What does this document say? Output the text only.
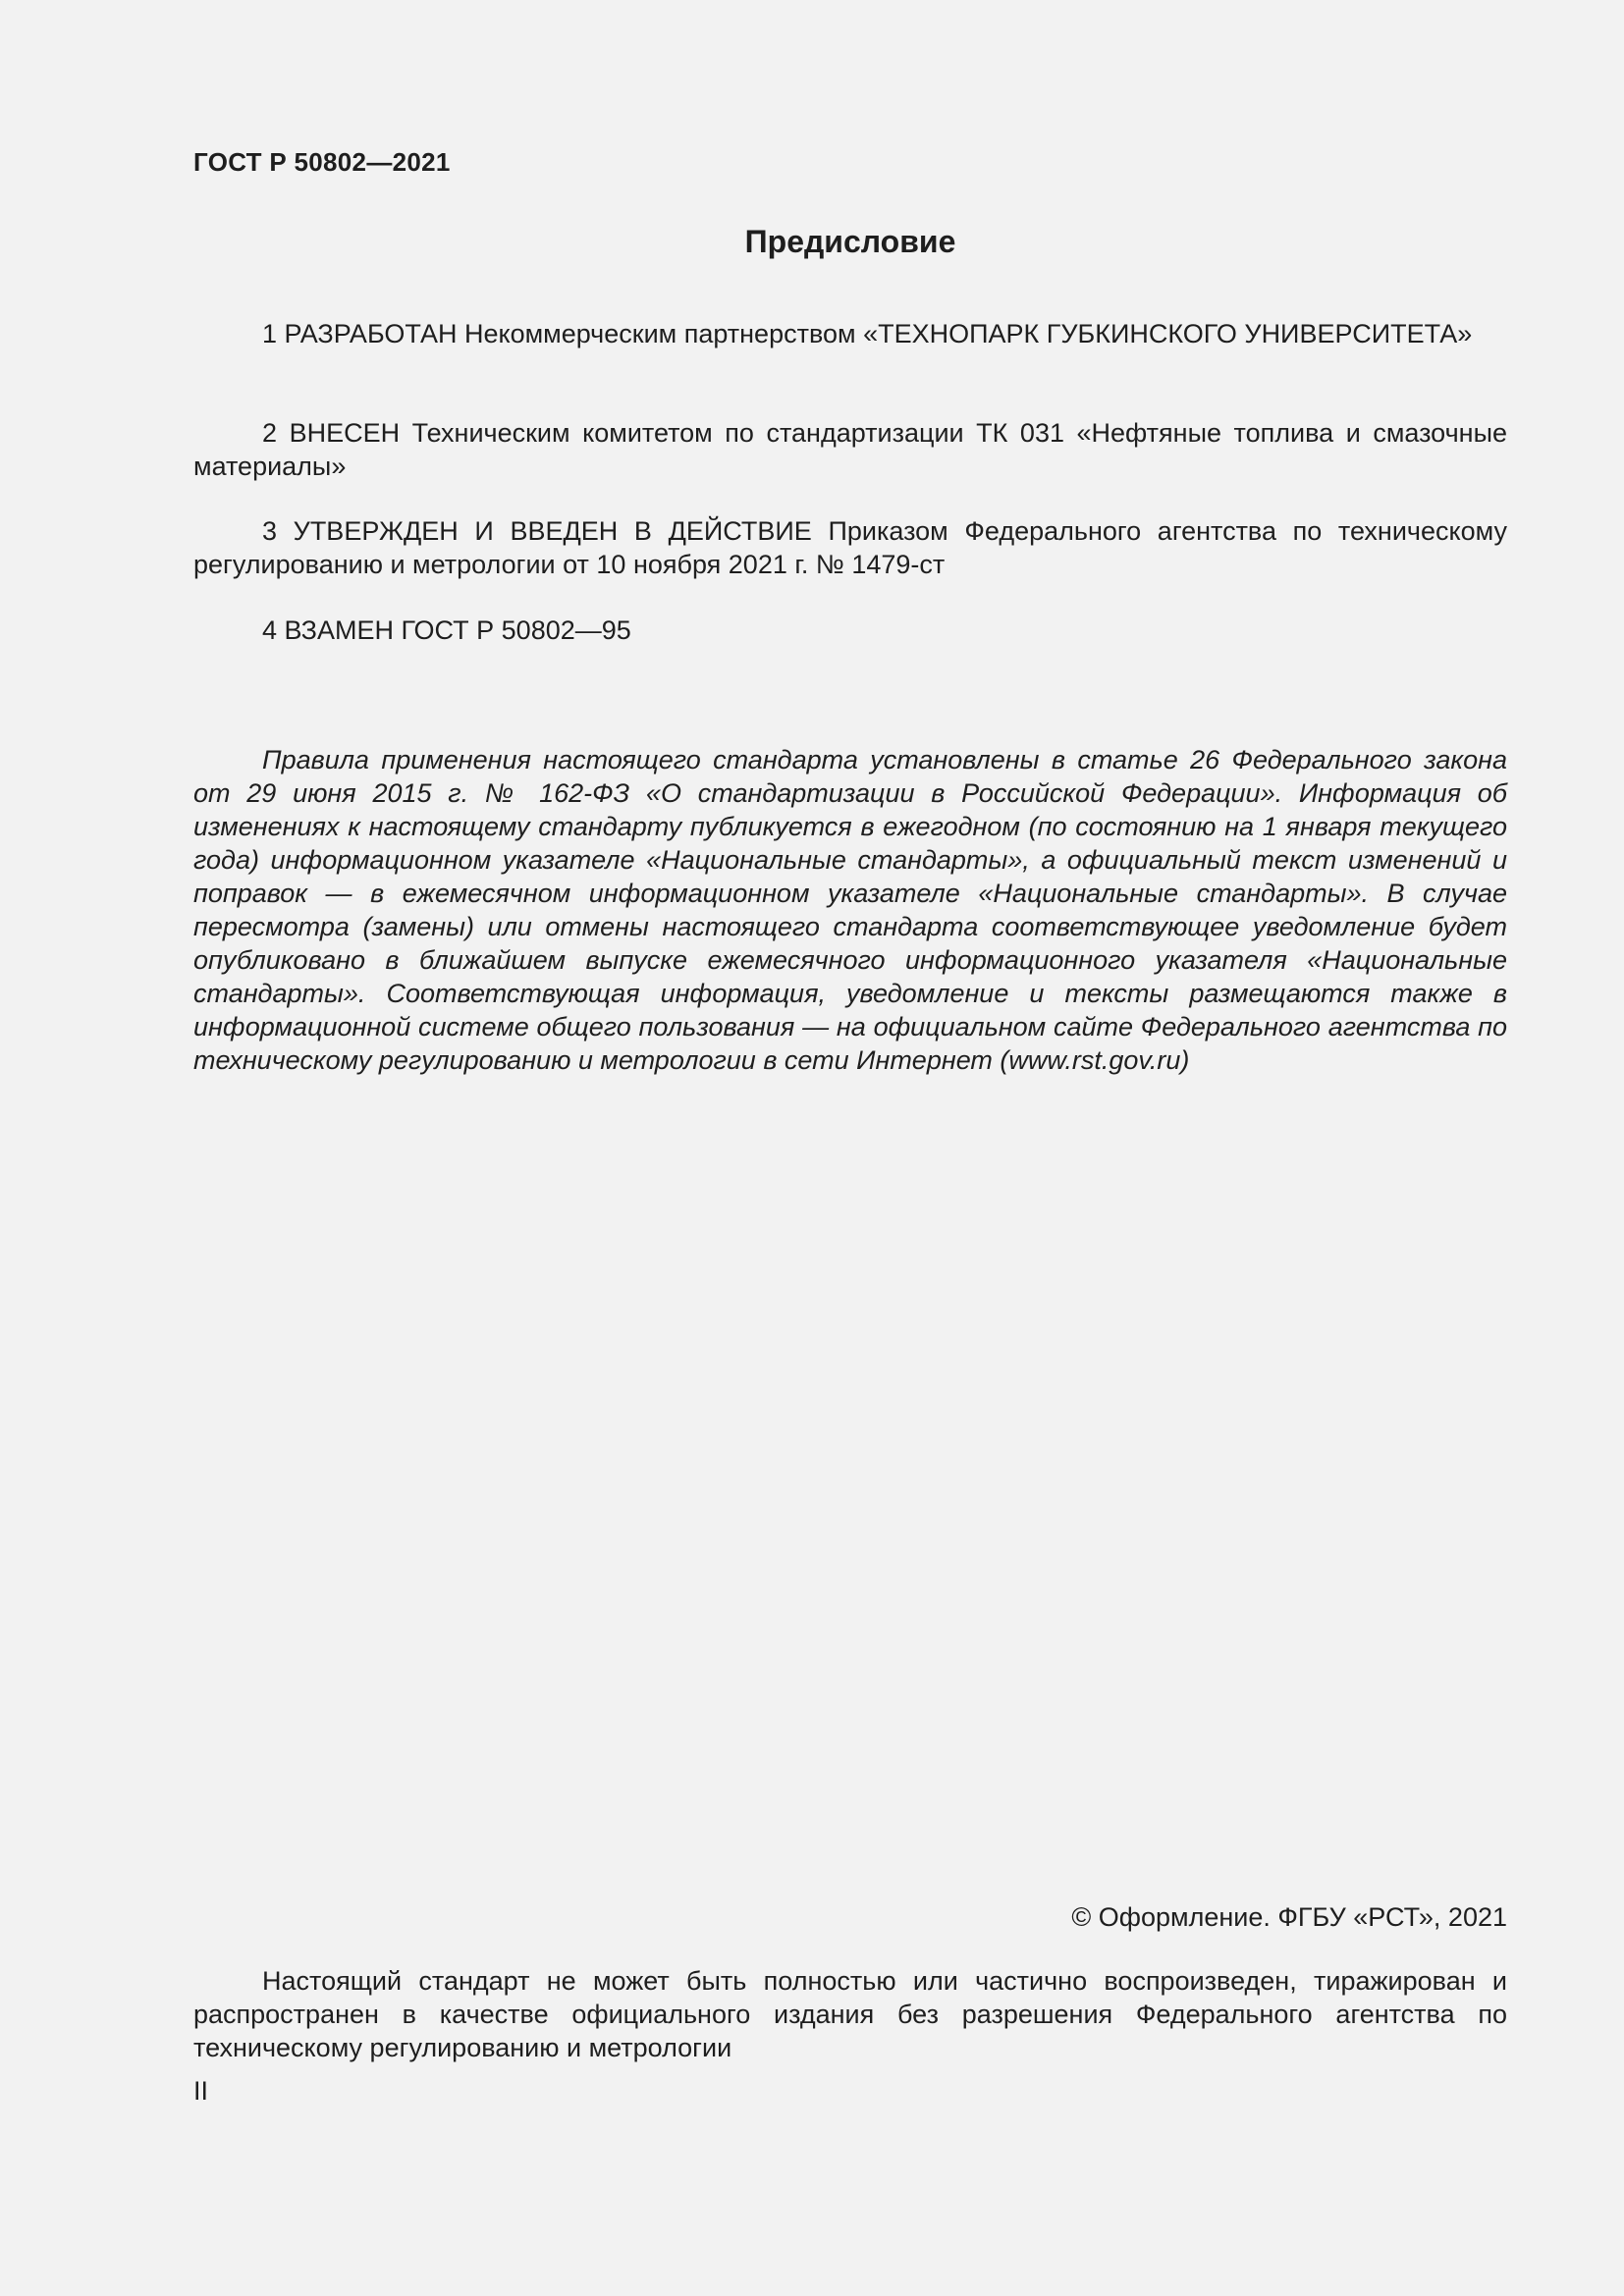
ГОСТ Р 50802—2021
Предисловие

1 РАЗРАБОТАН Некоммерческим партнерством «ТЕХНОПАРК ГУБКИНСКОГО УНИВЕРСИТЕТА»

2 ВНЕСЕН Техническим комитетом по стандартизации ТК 031 «Нефтяные топлива и смазочные материалы»

3 УТВЕРЖДЕН И ВВЕДЕН В ДЕЙСТВИЕ Приказом Федерального агентства по техническому регулированию и метрологии от 10 ноября 2021 г. № 1479-ст

4 ВЗАМЕН ГОСТ Р 50802—95

Правила применения настоящего стандарта установлены в статье 26 Федерального закона от 29 июня 2015 г. № 162-ФЗ «О стандартизации в Российской Федерации». Информация об изменениях к настоящему стандарту публикуется в ежегодном (по состоянию на 1 января текущего года) информационном указателе «Национальные стандарты», а официальный текст изменений и поправок — в ежемесячном информационном указателе «Национальные стандарты». В случае пересмотра (замены) или отмены настоящего стандарта соответствующее уведомление будет опубликовано в ближайшем выпуске ежемесячного информационного указателя «Национальные стандарты». Соответствующая информация, уведомление и тексты размещаются также в информационной системе общего пользования — на официальном сайте Федерального агентства по техническому регулированию и метрологии в сети Интернет (www.rst.gov.ru)

© Оформление. ФГБУ «РСТ», 2021

Настоящий стандарт не может быть полностью или частично воспроизведен, тиражирован и распространен в качестве официального издания без разрешения Федерального агентства по техническому регулированию и метрологии

II
